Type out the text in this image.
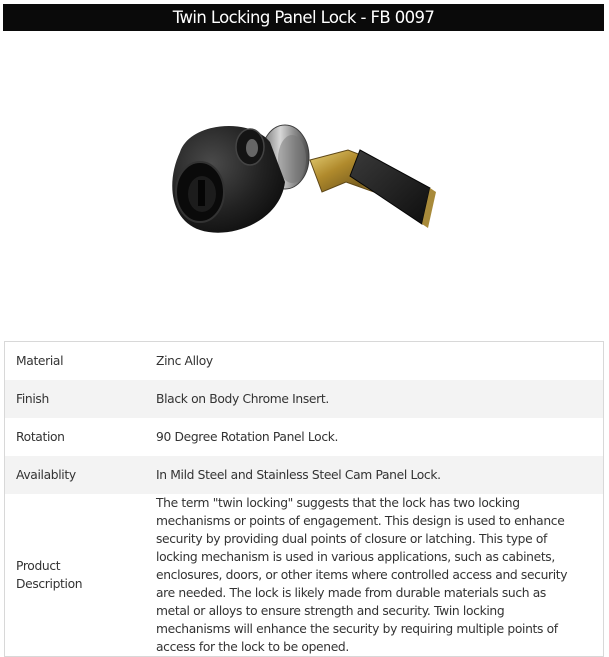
Twin Locking Panel Lock - FB 0097
Material	Zinc Alloy
Finish	Black on Body Chrome Insert.
Rotation	90 Degree Rotation Panel Lock.
Availablity	In Mild Steel and Stainless Steel Cam Panel Lock.
Product
Description	The term "twin locking" suggests that the lock has two locking mechanisms or points of engagement. This design is used to enhance security by providing dual points of closure or latching. This type of locking mechanism is used in various applications, such as cabinets, enclosures, doors, or other items where controlled access and security are needed. The lock is likely made from durable materials such as metal or alloys to ensure strength and security. Twin locking mechanisms will enhance the security by requiring multiple points of access for the lock to be opened.
